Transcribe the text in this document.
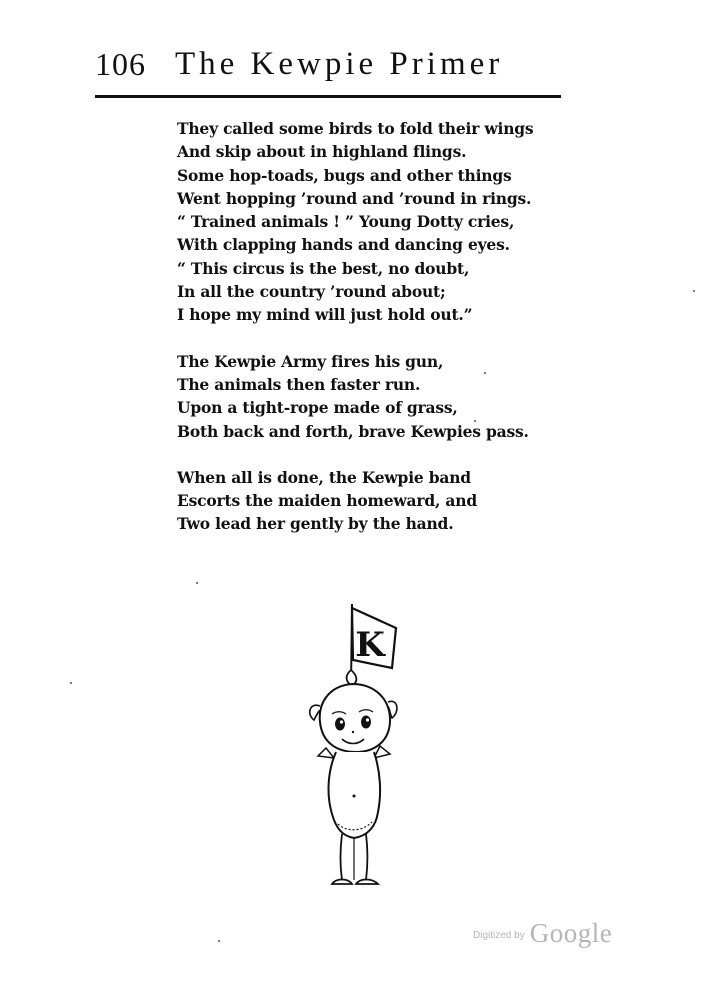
106 The Kewpie Primer
They called some birds to fold their wings
And skip about in highland flings.
Some hop-toads, bugs and other things
Went hopping ’round and ’round in rings.
“ Trained animals ! ” Young Dotty cries,
With clapping hands and dancing eyes.
“ This circus is the best, no doubt,
In all the country ’round about;
I hope my mind will just hold out.”
The Kewpie Army fires his gun,
The animals then faster run.
Upon a tight-rope made of grass,
Both back and forth, brave Kewpies pass.
When all is done, the Kewpie band
Escorts the maiden homeward, and
Two lead her gently by the hand.
K
$^{Digitized by}$ Google
